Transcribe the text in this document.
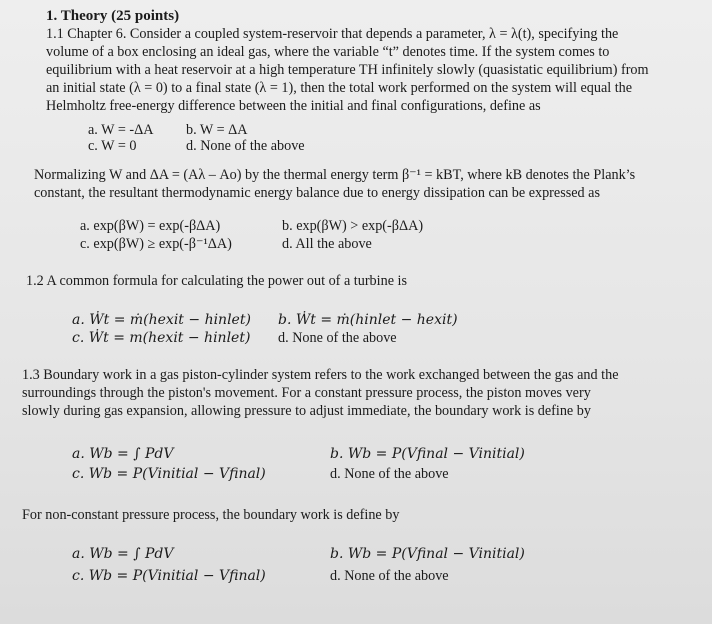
1. Theory (25 points)
1.1 Chapter 6. Consider a coupled system-reservoir that depends a parameter, λ = λ(t), specifying the
volume of a box enclosing an ideal gas, where the variable “t” denotes time. If the system comes to
equilibrium with a heat reservoir at a high temperature TH infinitely slowly (quasistatic equilibrium) from
an initial state (λ = 0) to a final state (λ = 1), then the total work performed on the system will equal the
Helmholtz free-energy difference between the initial and final configurations, define as
a. W = -ΔA b. W = ΔA
c. W = 0	d. None of the above
Normalizing W and ΔA = (Aλ – Ao) by the thermal energy term β⁻¹ = kBT, where kB denotes the Plank’s
constant, the resultant thermodynamic energy balance due to energy dissipation can be expressed as
a. exp(βW) = exp(-βΔA)	b. exp(βW) > exp(-βΔA)
c. exp(βW) ≥ exp(-β⁻¹ΔA)	d. All the above
1.2 A common formula for calculating the power out of a turbine is
a. Ẇt = ṁ(hexit − hinlet) b. Ẇt = ṁ(hinlet − hexit)
c. Ẇt = m(hexit − hinlet) d. None of the above
1.3 Boundary work in a gas piston-cylinder system refers to the work exchanged between the gas and the
surroundings through the piston's movement. For a constant pressure process, the piston moves very
slowly during gas expansion, allowing pressure to adjust immediate, the boundary work is define by
a. Wb = ∫ PdV	b. Wb = P(Vfinal − Vinitial)
c. Wb = P(Vinitial − Vfinal)	d. None of the above
For non-constant pressure process, the boundary work is define by
a. Wb = ∫ PdV	b. Wb = P(Vfinal − Vinitial)
c. Wb = P(Vinitial − Vfinal)	d. None of the above
